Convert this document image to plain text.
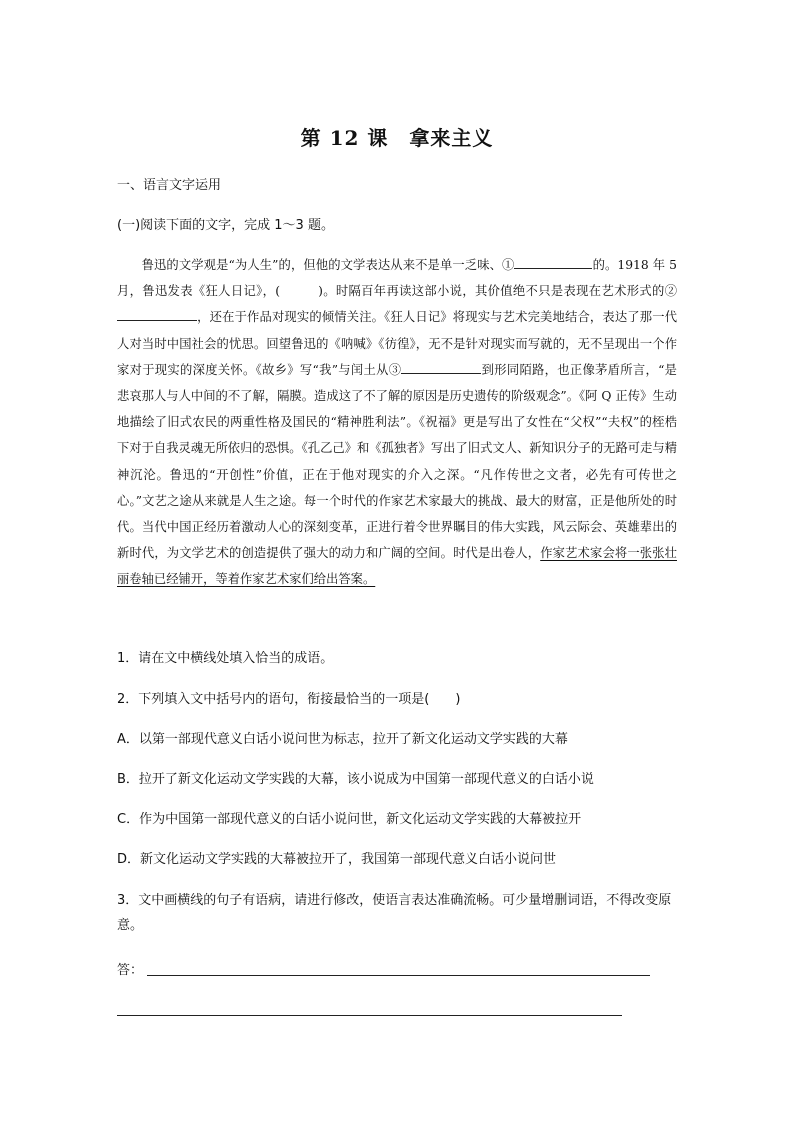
第 12 课　拿来主义
一、语言文字运用
(一)阅读下面的文字，完成 1～3 题。

鲁迅的文学观是“为人生”的，但他的文学表达从来不是单一乏味、①	的。1918 年 5 月，鲁迅发表《狂人日记》，(	)。时隔百年再读这部小说，其价值绝不只是表现在艺术形式的②，还在于作品对现实的倾情关注。《狂人日记》将现实与艺术完美地结合，表达了那一代人对当时中国社会的忧思。回望鲁迅的《呐喊》《彷徨》，无不是针对现实而写就的，无不呈现出一个作家对于现实的深度关怀。《故乡》写“我”与闰土从③	到形同陌路，也正像茅盾所言，“是悲哀那人与人中间的不了解，隔膜。造成这了不了解的原因是历史遗传的阶级观念”。《阿 Q 正传》生动地描绘了旧式农民的两重性格及国民的“精神胜利法”。《祝福》更是写出了女性在“父权”“夫权”的桎梏下对于自我灵魂无所依归的恐惧。《孔乙己》和《孤独者》写出了旧式文人、新知识分子的无路可走与精神沉沦。鲁迅的“开创性”价值，正在于他对现实的介入之深。“凡作传世之文者，必先有可传世之心。”文艺之途从来就是人生之途。每一个时代的作家艺术家最大的挑战、最大的财富，正是他所处的时代。当代中国正经历着激动人心的深刻变革，正进行着令世界瞩目的伟大实践，风云际会、英雄辈出的新时代，为文学艺术的创造提供了强大的动力和广阔的空间。时代是出卷人，作家艺术家会将一张张壮丽卷轴已经铺开，等着作家艺术家们给出答案。

1．请在文中横线处填入恰当的成语。

2．下列填入文中括号内的语句，衔接最恰当的一项是(　　)

A．以第一部现代意义白话小说问世为标志，拉开了新文化运动文学实践的大幕

B．拉开了新文化运动文学实践的大幕，该小说成为中国第一部现代意义的白话小说

C．作为中国第一部现代意义的白话小说问世，新文化运动文学实践的大幕被拉开

D．新文化运动文学实践的大幕被拉开了，我国第一部现代意义白话小说问世

3．文中画横线的句子有语病，请进行修改，使语言表达准确流畅。可少量增删词语，不得改变原意。

答：
